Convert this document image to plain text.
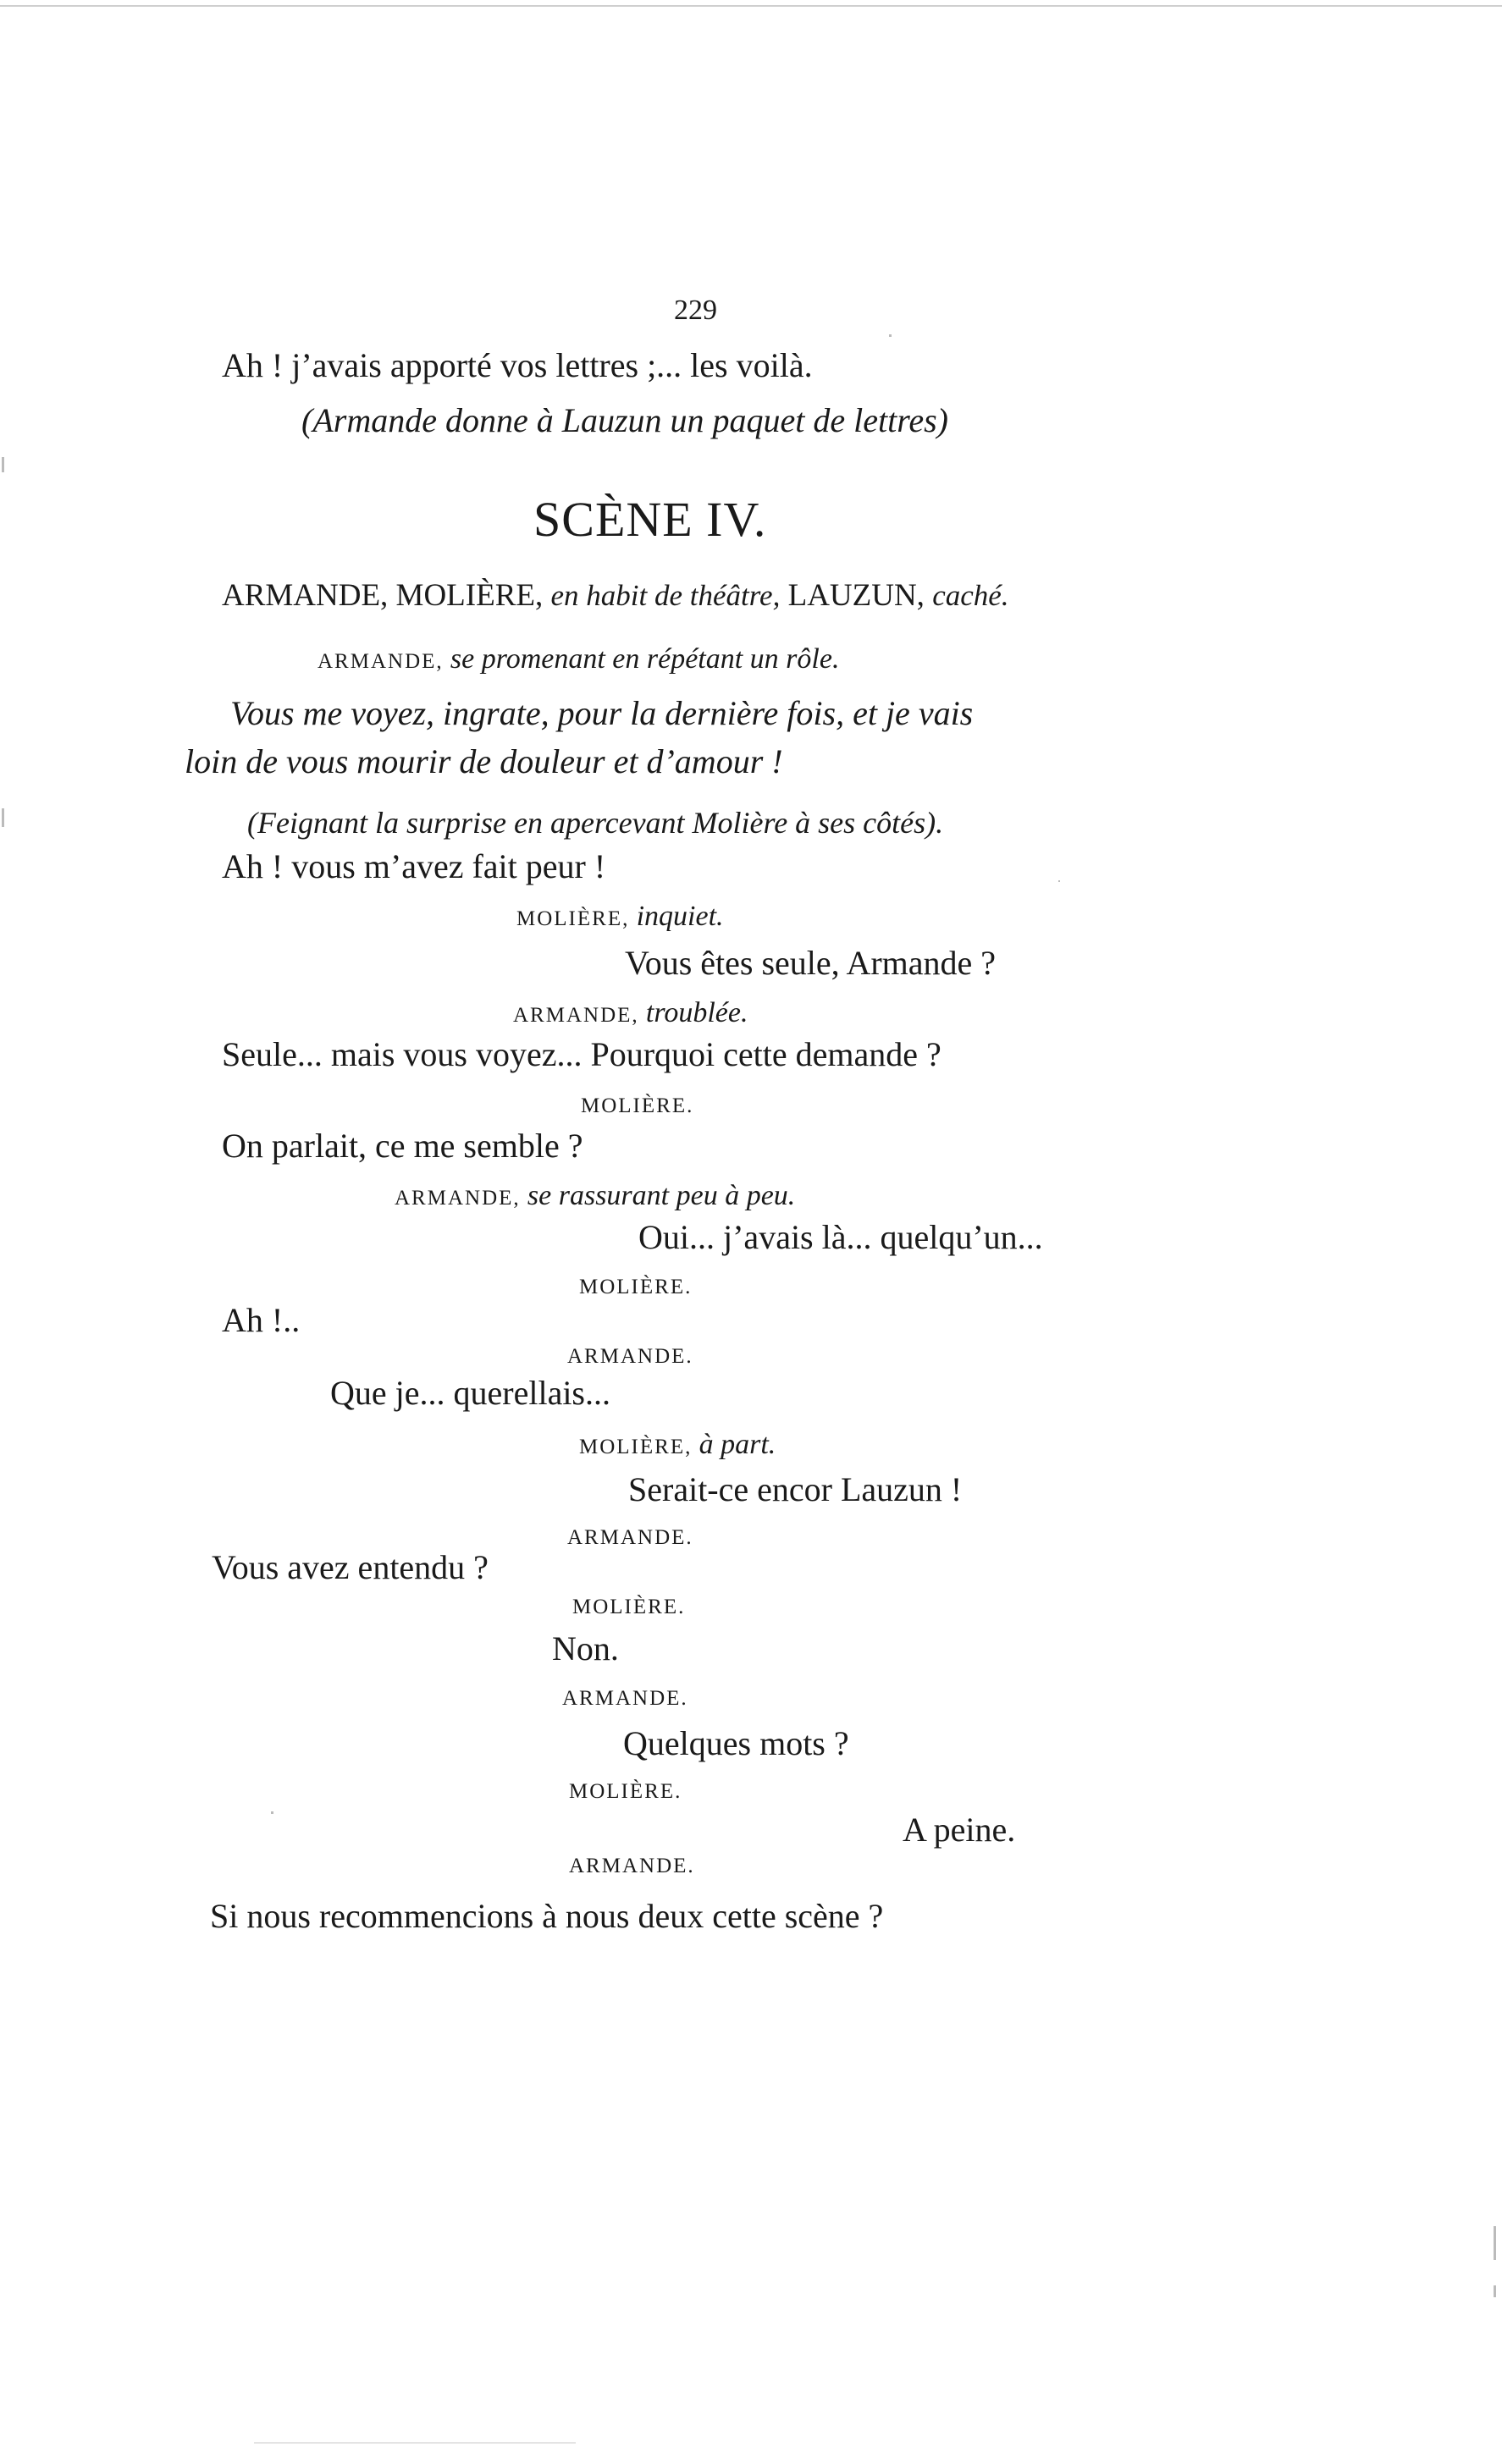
229
Ah ! j’avais apporté vos lettres ;... les voilà.
(Armande donne à Lauzun un paquet de lettres)
SCÈNE IV.
ARMANDE, MOLIÈRE, en habit de théâtre, LAUZUN, caché.
ARMANDE, se promenant en répétant un rôle.
Vous me voyez, ingrate, pour la dernière fois, et je vais
loin de vous mourir de douleur et d’amour !
(Feignant la surprise en apercevant Molière à ses côtés).
Ah ! vous m’avez fait peur !
MOLIÈRE, inquiet.
Vous êtes seule, Armande ?
ARMANDE, troublée.
Seule... mais vous voyez... Pourquoi cette demande ?
MOLIÈRE.
On parlait, ce me semble ?
ARMANDE, se rassurant peu à peu.
Oui... j’avais là... quelqu’un...
MOLIÈRE.
Ah !..
ARMANDE.
Que je... querellais...
MOLIÈRE, à part.
Serait-ce encor Lauzun !
ARMANDE.
Vous avez entendu ?
MOLIÈRE.
Non.
ARMANDE.
Quelques mots ?
MOLIÈRE.
A peine.
ARMANDE.
Si nous recommencions à nous deux cette scène ?
